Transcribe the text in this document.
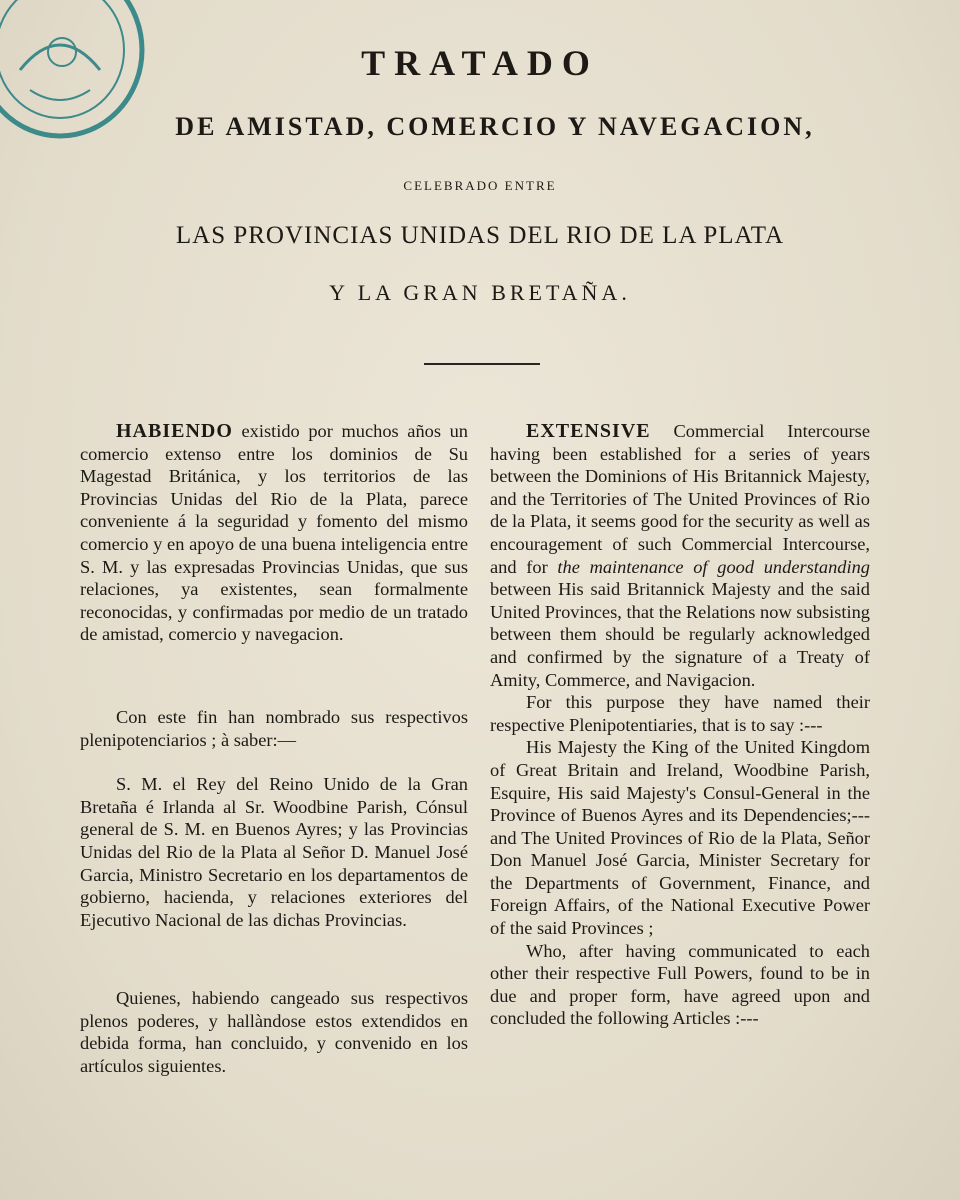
TRATADO
DE AMISTAD, COMERCIO Y NAVEGACION,
CELEBRADO ENTRE
LAS PROVINCIAS UNIDAS DEL RIO DE LA PLATA
Y LA GRAN BRETAÑA.

HABIENDO existido por muchos años un comercio extenso entre los dominios de Su Magestad Británica, y los territorios de las Provincias Unidas del Rio de la Plata, parece conveniente á la seguridad y fomento del mismo comercio y en apoyo de una buena inteligencia entre S. M. y las expresadas Provincias Unidas, que sus relaciones, ya existentes, sean formalmente reconocidas, y confirmadas por medio de un tratado de amistad, comercio y navegacion.

Con este fin han nombrado sus respectivos plenipotenciarios ; à saber:—

S. M. el Rey del Reino Unido de la Gran Bretaña é Irlanda al Sr. Woodbine Parish, Cónsul general de S. M. en Buenos Ayres; y las Provincias Unidas del Rio de la Plata al Señor D. Manuel José Garcia, Ministro Secretario en los departamentos de gobierno, hacienda, y relaciones exteriores del Ejecutivo Nacional de las dichas Provincias.

Quienes, habiendo cangeado sus respectivos plenos poderes, y hallàndose estos extendidos en debida forma, han concluido, y convenido en los artículos siguientes.

EXTENSIVE Commercial Intercourse having been established for a series of years between the Dominions of His Britannick Majesty, and the Territories of The United Provinces of Rio de la Plata, it seems good for the security as well as encouragement of such Commercial Intercourse, and for the maintenance of good understanding between His said Britannick Majesty and the said United Provinces, that the Relations now subsisting between them should be regularly acknowledged and confirmed by the signature of a Treaty of Amity, Commerce, and Navigacion.

For this purpose they have named their respective Plenipotentiaries, that is to say :---

His Majesty the King of the United Kingdom of Great Britain and Ireland, Woodbine Parish, Esquire, His said Majesty's Consul-General in the Province of Buenos Ayres and its Dependencies;---and The United Provinces of Rio de la Plata, Señor Don Manuel José Garcia, Minister Secretary for the Departments of Government, Finance, and Foreign Affairs, of the National Executive Power of the said Provinces ;

Who, after having communicated to each other their respective Full Powers, found to be in due and proper form, have agreed upon and concluded the following Articles :---
